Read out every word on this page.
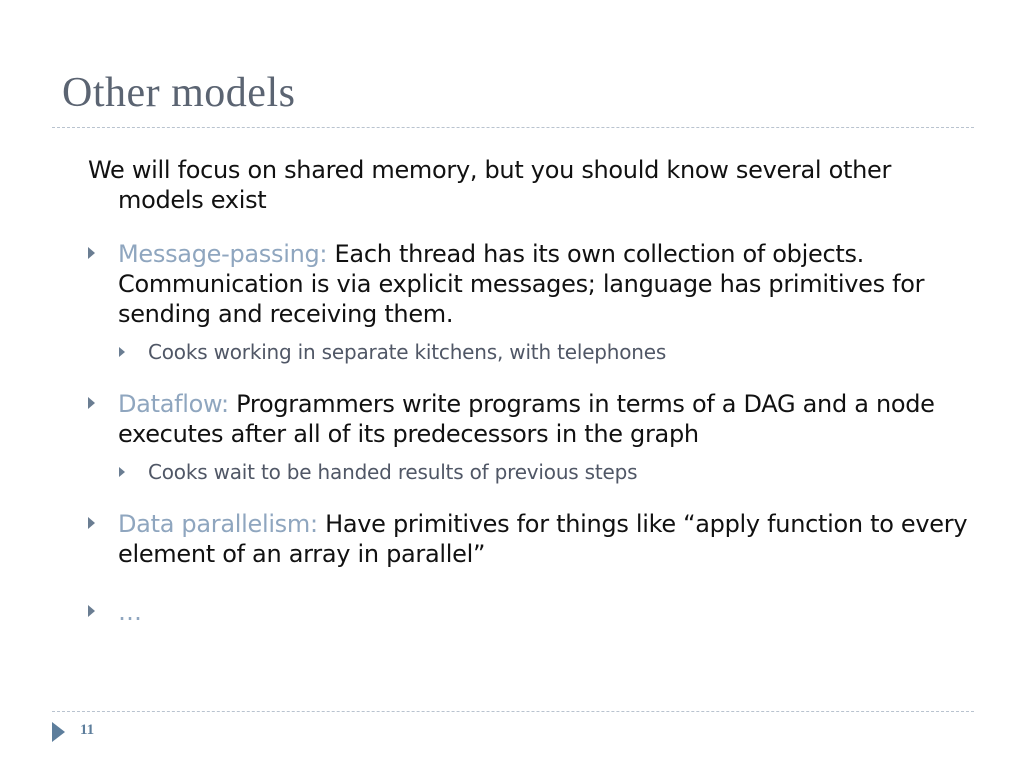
Other models

We will focus on shared memory, but you should know several other models exist

Message-passing: Each thread has its own collection of objects. Communication is via explicit messages; language has primitives for sending and receiving them.
Cooks working in separate kitchens, with telephones
Dataflow: Programmers write programs in terms of a DAG and a node executes after all of its predecessors in the graph
Cooks wait to be handed results of previous steps
Data parallelism: Have primitives for things like “apply function to every element of an array in parallel”
…
11
